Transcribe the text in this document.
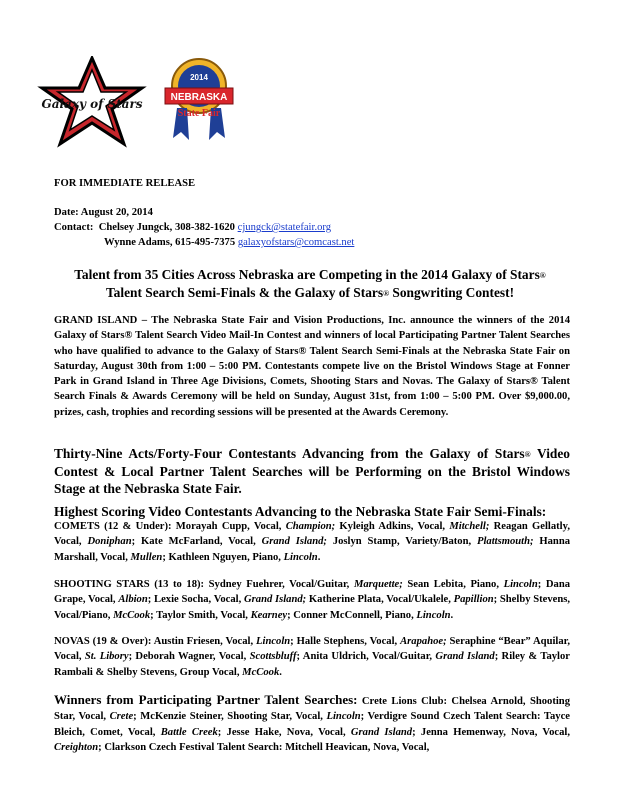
Galaxy of Stars
2014
NEBRASKA
State Fair
FOR IMMEDIATE RELEASE
Date: August 20, 2014
Contact: Chelsey Jungck, 308-382-1620 cjungck@statefair.org
Wynne Adams, 615-495-7375 galaxyofstars@comcast.net
Talent from 35 Cities Across Nebraska are Competing in the 2014 Galaxy of Stars®
Talent Search Semi-Finals & the Galaxy of Stars® Songwriting Contest!
GRAND ISLAND – The Nebraska State Fair and Vision Productions, Inc. announce the winners of the 2014 Galaxy of Stars® Talent Search Video Mail-In Contest and winners of local Participating Partner Talent Searches who have qualified to advance to the Galaxy of Stars® Talent Search Semi-Finals at the Nebraska State Fair on Saturday, August 30th from 1:00 – 5:00 PM. Contestants compete live on the Bristol Windows Stage at Fonner Park in Grand Island in Three Age Divisions, Comets, Shooting Stars and Novas. The Galaxy of Stars® Talent Search Finals & Awards Ceremony will be held on Sunday, August 31st, from 1:00 – 5:00 PM. Over $9,000.00, prizes, cash, trophies and recording sessions will be presented at the Awards Ceremony.
Thirty-Nine Acts/Forty-Four Contestants Advancing from the Galaxy of Stars® Video Contest & Local Partner Talent Searches will be Performing on the Bristol Windows Stage at the Nebraska State Fair.
Highest Scoring Video Contestants Advancing to the Nebraska State Fair Semi-Finals:
COMETS (12 & Under): Morayah Cupp, Vocal, Champion; Kyleigh Adkins, Vocal, Mitchell; Reagan Gellatly, Vocal, Doniphan; Kate McFarland, Vocal, Grand Island; Joslyn Stamp, Variety/Baton, Plattsmouth; Hanna Marshall, Vocal, Mullen; Kathleen Nguyen, Piano, Lincoln.
SHOOTING STARS (13 to 18): Sydney Fuehrer, Vocal/Guitar, Marquette; Sean Lebita, Piano, Lincoln; Dana Grape, Vocal, Albion; Lexie Socha, Vocal, Grand Island; Katherine Plata, Vocal/Ukalele, Papillion; Shelby Stevens, Vocal/Piano, McCook; Taylor Smith, Vocal, Kearney; Conner McConnell, Piano, Lincoln.
NOVAS (19 & Over): Austin Friesen, Vocal, Lincoln; Halle Stephens, Vocal, Arapahoe; Seraphine “Bear” Aquilar, Vocal, St. Libory; Deborah Wagner, Vocal, Scottsbluff; Anita Uldrich, Vocal/Guitar, Grand Island; Riley & Taylor Rambali & Shelby Stevens, Group Vocal, McCook.
Winners from Participating Partner Talent Searches: Crete Lions Club: Chelsea Arnold, Shooting Star, Vocal, Crete; McKenzie Steiner, Shooting Star, Vocal, Lincoln; Verdigre Sound Czech Talent Search: Tayce Bleich, Comet, Vocal, Battle Creek; Jesse Hake, Nova, Vocal, Grand Island; Jenna Hemenway, Nova, Vocal, Creighton; Clarkson Czech Festival Talent Search: Mitchell Heavican, Nova, Vocal,
